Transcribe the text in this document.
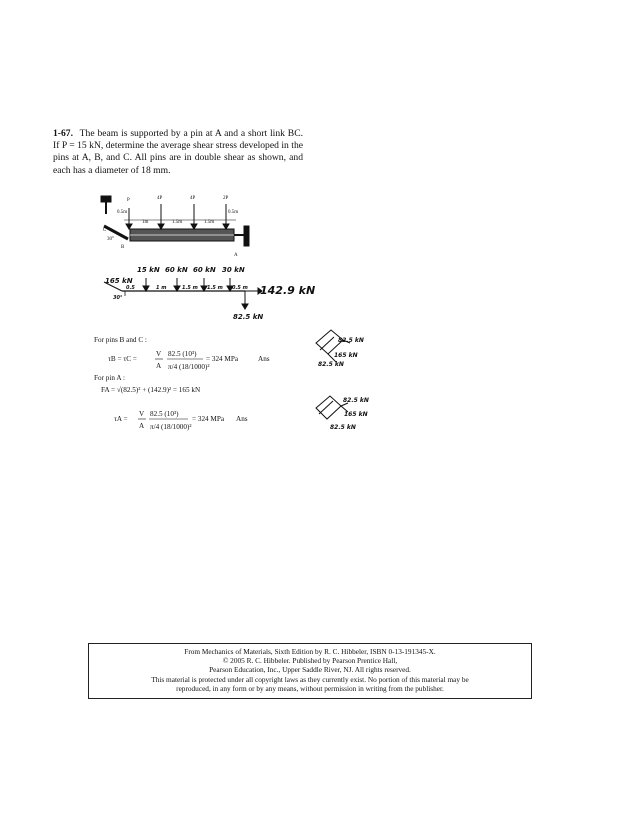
1-67. The beam is supported by a pin at A and a short link BC. If P = 15 kN, determine the average shear stress developed in the pins at A, B, and C. All pins are in double shear as shown, and each has a diameter of 18 mm.
P	4P	4P	2P
0.5m
1m	1.5m	1.5m
0.5m
C
B
A
30°
165 kN
15 kN 60 kN 60 kN 30 kN
142.9 kN
82.5 kN
0.5	1 m	1.5 m 1.5 m 0.5 m
30°
For pins B and C :
τB = τC =
V
A
82.5 (10³)
π/4 (18/1000)²
= 324 MPa	Ans
For pin A :
FA = √(82.5)² + (142.9)² = 165 kN
τA =
V
A
82.5 (10³)
π/4 (18/1000)²
= 324 MPa Ans
82.5 kN
165 kN
82.5 kN
82.5 kN
165 kN
82.5 kN
From Mechanics of Materials, Sixth Edition by R. C. Hibbeler, ISBN 0-13-191345-X.
© 2005 R. C. Hibbeler. Published by Pearson Prentice Hall,
Pearson Education, Inc., Upper Saddle River, NJ. All rights reserved.
This material is protected under all copyright laws as they currently exist. No portion of this material may be
reproduced, in any form or by any means, without permission in writing from the publisher.
